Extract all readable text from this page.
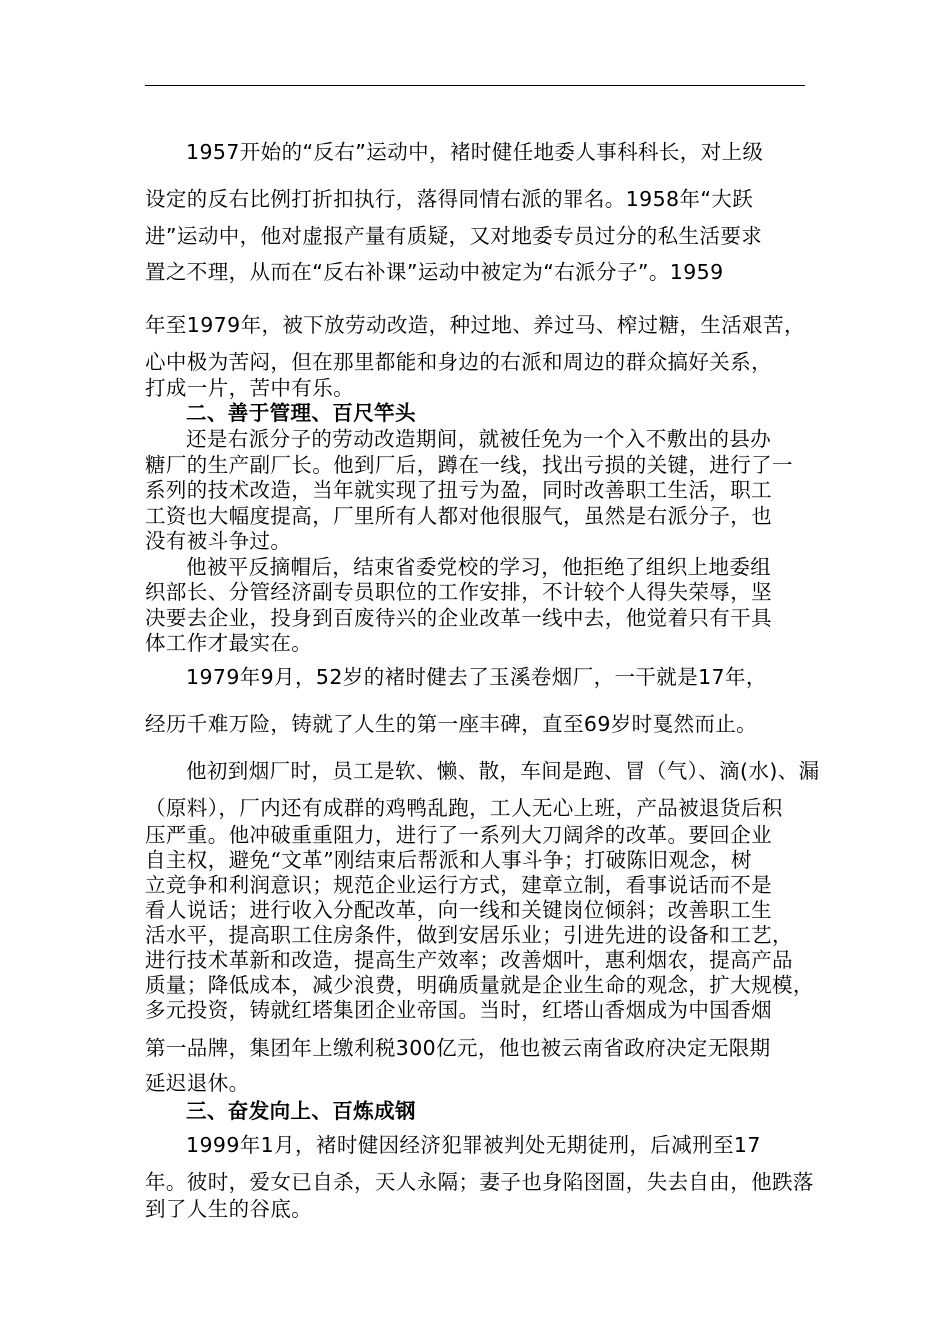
1957开始的“反右”运动中，褚时健任地委人事科科长，对上级
设定的反右比例打折扣执行，落得同情右派的罪名。1958年“大跃
进”运动中，他对虚报产量有质疑，又对地委专员过分的私生活要求
置之不理，从而在“反右补课”运动中被定为“右派分子”。1959
年至1979年，被下放劳动改造，种过地、养过马、榨过糖，生活艰苦，
心中极为苦闷，但在那里都能和身边的右派和周边的群众搞好关系，
打成一片，苦中有乐。
二、善于管理、百尺竿头
还是右派分子的劳动改造期间，就被任免为一个入不敷出的县办
糖厂的生产副厂长。他到厂后，蹲在一线，找出亏损的关键，进行了一
系列的技术改造，当年就实现了扭亏为盈，同时改善职工生活，职工
工资也大幅度提高，厂里所有人都对他很服气，虽然是右派分子，也
没有被斗争过。
他被平反摘帽后，结束省委党校的学习，他拒绝了组织上地委组
织部长、分管经济副专员职位的工作安排，不计较个人得失荣辱，坚
决要去企业，投身到百废待兴的企业改革一线中去，他觉着只有干具
体工作才最实在。
1979年9月，52岁的褚时健去了玉溪卷烟厂，一干就是17年，
经历千难万险，铸就了人生的第一座丰碑，直至69岁时戛然而止。
他初到烟厂时，员工是软、懒、散，车间是跑、冒（气）、滴(水)、漏
（原料），厂内还有成群的鸡鸭乱跑，工人无心上班，产品被退货后积
压严重。他冲破重重阻力，进行了一系列大刀阔斧的改革。要回企业
自主权，避免“文革”刚结束后帮派和人事斗争；打破陈旧观念，树
立竞争和利润意识；规范企业运行方式，建章立制，看事说话而不是
看人说话；进行收入分配改革，向一线和关键岗位倾斜；改善职工生
活水平，提高职工住房条件，做到安居乐业；引进先进的设备和工艺，
进行技术革新和改造，提高生产效率；改善烟叶，惠利烟农，提高产品
质量；降低成本，减少浪费，明确质量就是企业生命的观念，扩大规模，
多元投资，铸就红塔集团企业帝国。当时，红塔山香烟成为中国香烟
第一品牌，集团年上缴利税300亿元，他也被云南省政府决定无限期
延迟退休。
三、奋发向上、百炼成钢
1999年1月，褚时健因经济犯罪被判处无期徒刑，后减刑至17
年。彼时，爱女已自杀，天人永隔；妻子也身陷囹圄，失去自由，他跌落
到了人生的谷底。
